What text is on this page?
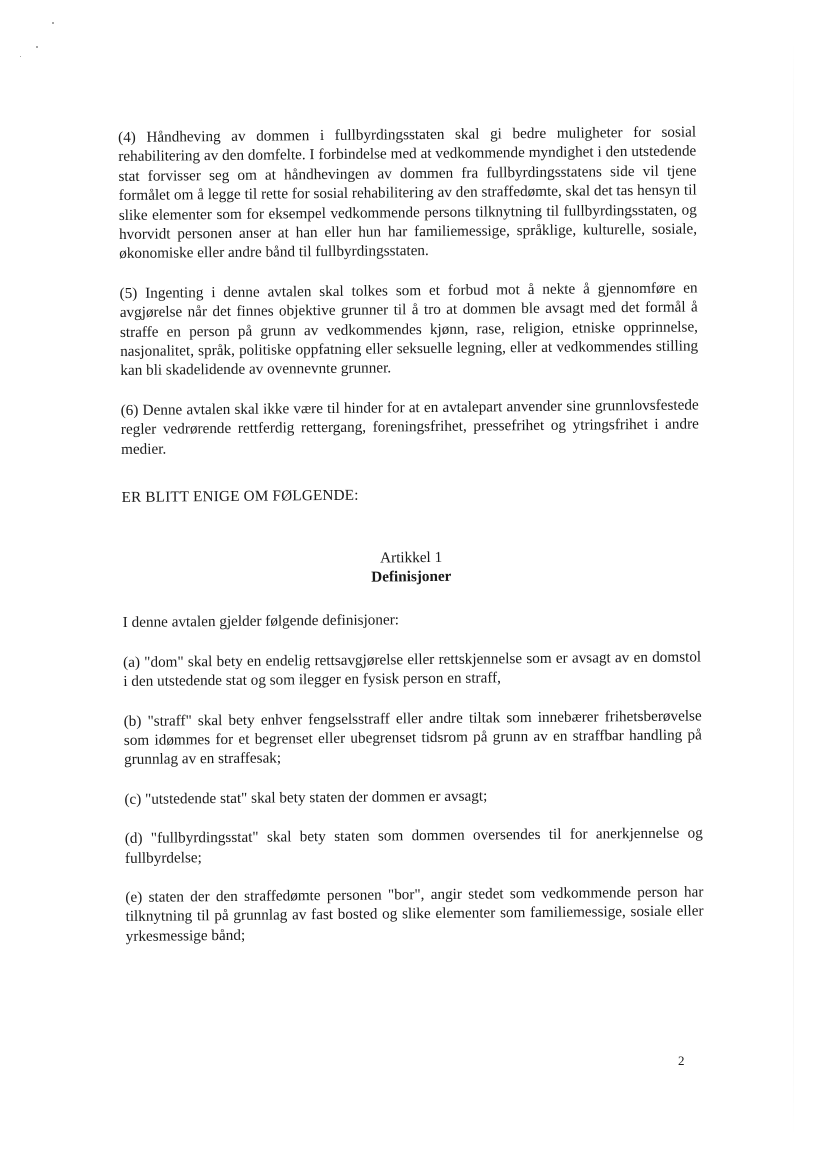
(4) Håndheving av dommen i fullbyrdingsstaten skal gi bedre muligheter for sosial rehabilitering av den domfelte. I forbindelse med at vedkommende myndighet i den utstedende stat forvisser seg om at håndhevingen av dommen fra fullbyrdingsstatens side vil tjene formålet om å legge til rette for sosial rehabilitering av den straffedømte, skal det tas hensyn til slike elementer som for eksempel vedkommende persons tilknytning til fullbyrdingsstaten, og hvorvidt personen anser at han eller hun har familiemessige, språklige, kulturelle, sosiale, økonomiske eller andre bånd til fullbyrdingsstaten.

(5) Ingenting i denne avtalen skal tolkes som et forbud mot å nekte å gjennomføre en avgjørelse når det finnes objektive grunner til å tro at dommen ble avsagt med det formål å straffe en person på grunn av vedkommendes kjønn, rase, religion, etniske opprinnelse, nasjonalitet, språk, politiske oppfatning eller seksuelle legning, eller at vedkommendes stilling kan bli skadelidende av ovennevnte grunner.

(6) Denne avtalen skal ikke være til hinder for at en avtalepart anvender sine grunnlovsfestede regler vedrørende rettferdig rettergang, foreningsfrihet, pressefrihet og ytringsfrihet i andre medier.

ER BLITT ENIGE OM FØLGENDE:
Artikkel 1
Definisjoner

I denne avtalen gjelder følgende definisjoner:

(a) "dom" skal bety en endelig rettsavgjørelse eller rettskjennelse som er avsagt av en domstol i den utstedende stat og som ilegger en fysisk person en straff,

(b) "straff" skal bety enhver fengselsstraff eller andre tiltak som innebærer frihetsberøvelse som idømmes for et begrenset eller ubegrenset tidsrom på grunn av en straffbar handling på grunnlag av en straffesak;

(c) "utstedende stat" skal bety staten der dommen er avsagt;

(d) "fullbyrdingsstat" skal bety staten som dommen oversendes til for anerkjennelse og fullbyrdelse;

(e) staten der den straffedømte personen "bor", angir stedet som vedkommende person har tilknytning til på grunnlag av fast bosted og slike elementer som familiemessige, sosiale eller yrkesmessige bånd;

2
